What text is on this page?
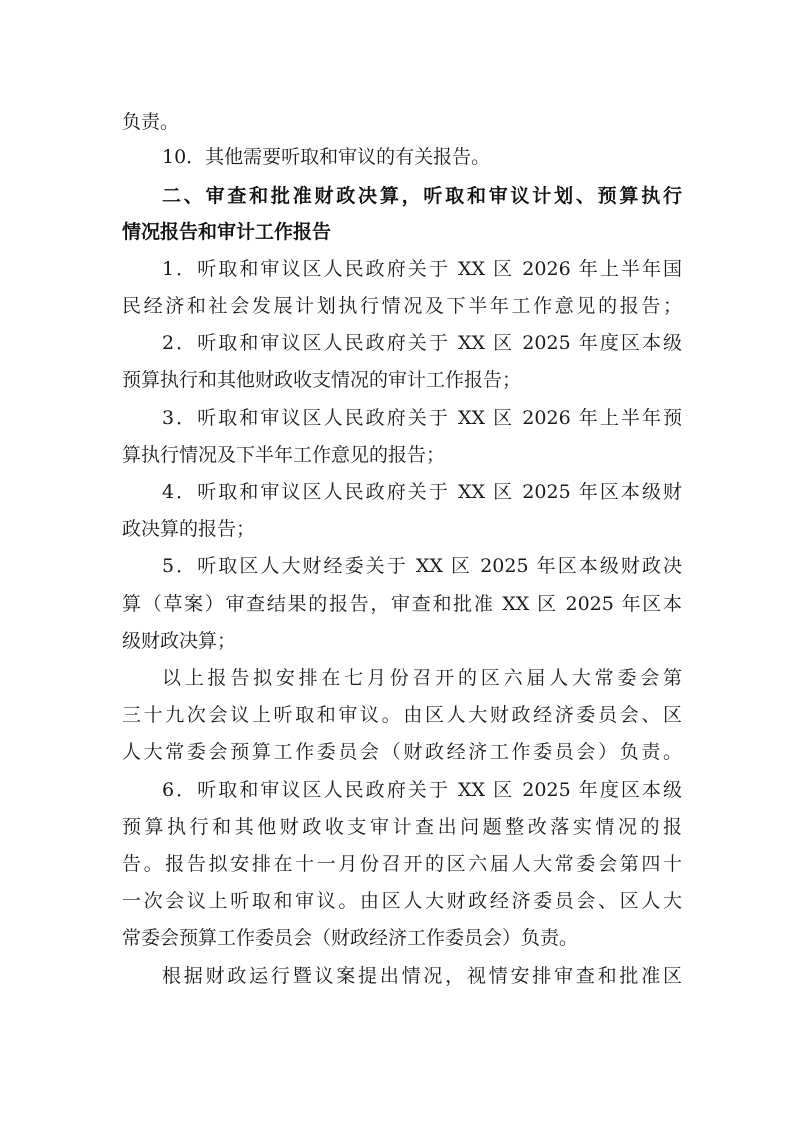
负责。
10．其他需要听取和审议的有关报告。
二、审查和批准财政决算，听取和审议计划、预算执行
情况报告和审计工作报告
1．听取和审议区人民政府关于 XX 区 2026 年上半年国
民经济和社会发展计划执行情况及下半年工作意见的报告；
2．听取和审议区人民政府关于 XX 区 2025 年度区本级
预算执行和其他财政收支情况的审计工作报告；
3．听取和审议区人民政府关于 XX 区 2026 年上半年预
算执行情况及下半年工作意见的报告；
4．听取和审议区人民政府关于 XX 区 2025 年区本级财
政决算的报告；
5．听取区人大财经委关于 XX 区 2025 年区本级财政决
算（草案）审查结果的报告，审查和批准 XX 区 2025 年区本
级财政决算；
以上报告拟安排在七月份召开的区六届人大常委会第
三十九次会议上听取和审议。由区人大财政经济委员会、区
人大常委会预算工作委员会（财政经济工作委员会）负责。
6．听取和审议区人民政府关于 XX 区 2025 年度区本级
预算执行和其他财政收支审计查出问题整改落实情况的报
告。报告拟安排在十一月份召开的区六届人大常委会第四十
一次会议上听取和审议。由区人大财政经济委员会、区人大
常委会预算工作委员会（财政经济工作委员会）负责。
根据财政运行暨议案提出情况，视情安排审查和批准区
